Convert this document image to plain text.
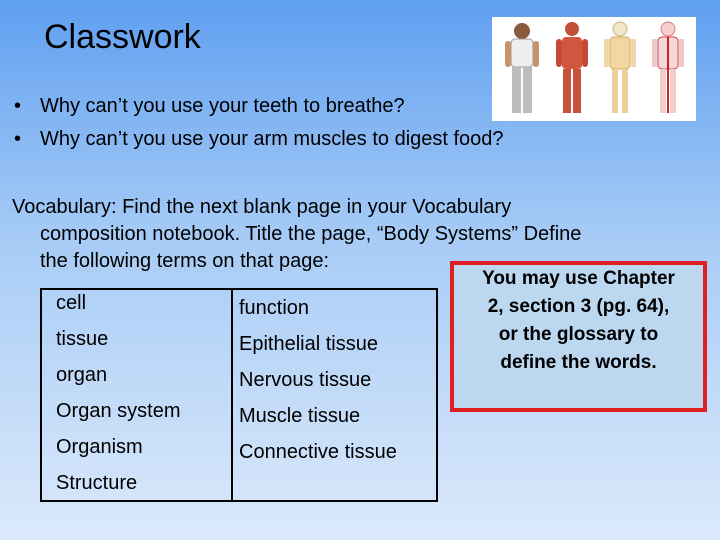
Classwork
• Why can’t you use your teeth to breathe?
• Why can’t you use your arm muscles to digest food?
Vocabulary: Find the next blank page in your Vocabulary
composition notebook. Title the page, “Body Systems” Define
the following terms on that page:
cell
tissue
organ
Organ system
Organism
Structure
function
Epithelial tissue
Nervous tissue
Muscle tissue
Connective tissue
You may use Chapter
2, section 3 (pg. 64),
or the glossary to
define the words.
